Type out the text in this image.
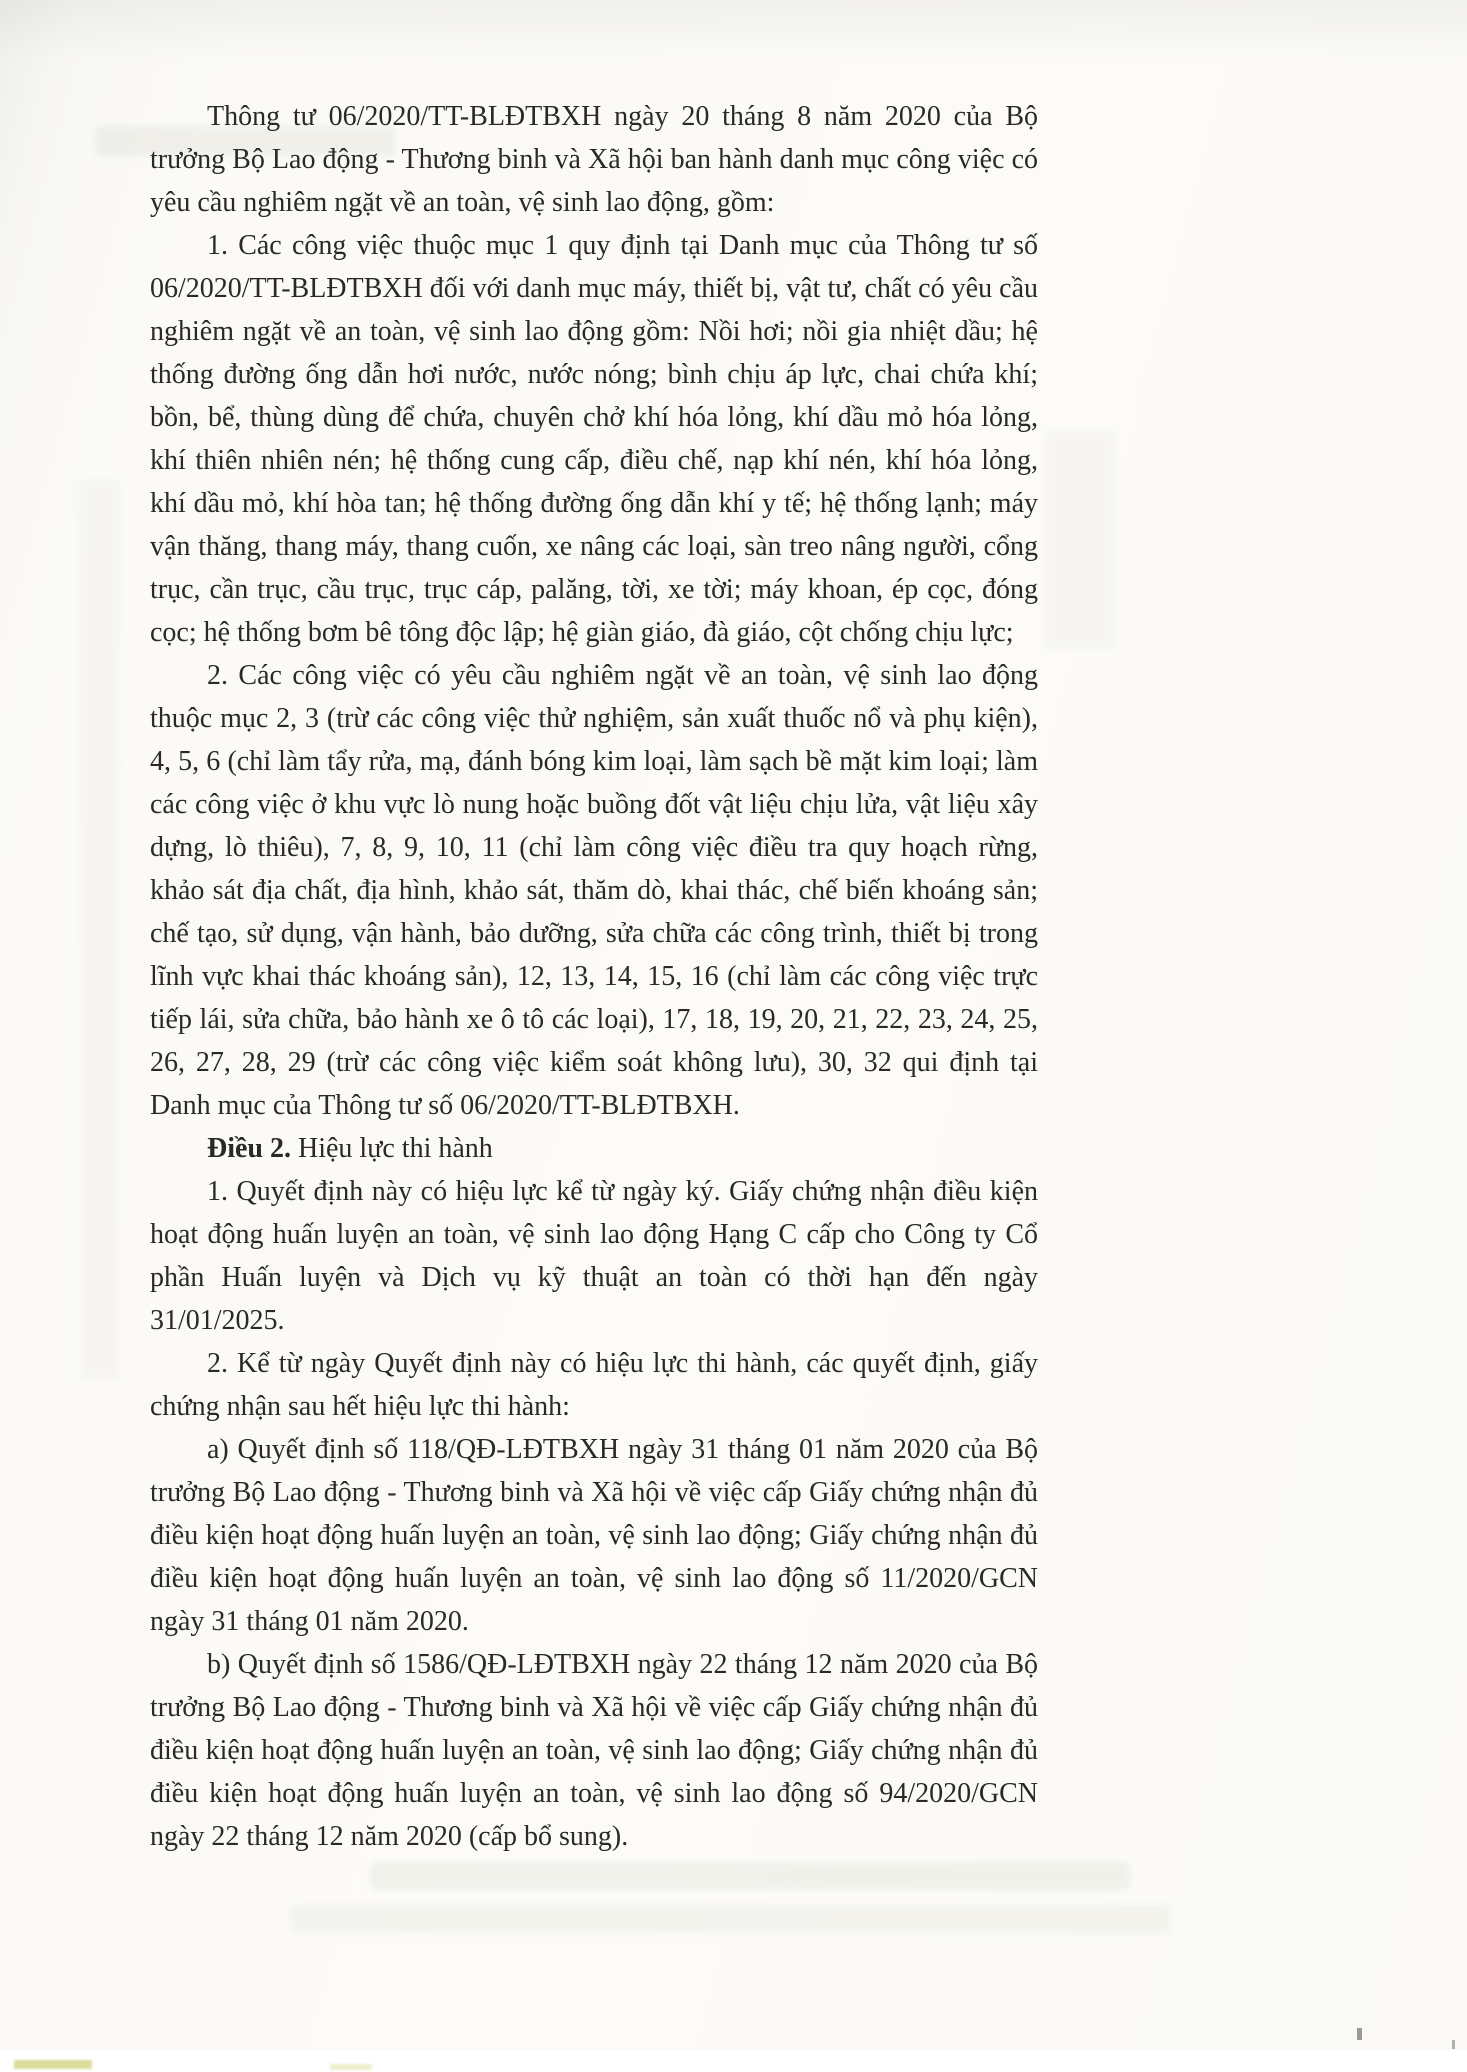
Thông tư 06/2020/TT-BLĐTBXH ngày 20 tháng 8 năm 2020 của Bộ trưởng Bộ Lao động - Thương binh và Xã hội ban hành danh mục công việc có yêu cầu nghiêm ngặt về an toàn, vệ sinh lao động, gồm:

1. Các công việc thuộc mục 1 quy định tại Danh mục của Thông tư số 06/2020/TT-BLĐTBXH đối với danh mục máy, thiết bị, vật tư, chất có yêu cầu nghiêm ngặt về an toàn, vệ sinh lao động gồm: Nồi hơi; nồi gia nhiệt dầu; hệ thống đường ống dẫn hơi nước, nước nóng; bình chịu áp lực, chai chứa khí; bồn, bể, thùng dùng để chứa, chuyên chở khí hóa lỏng, khí dầu mỏ hóa lỏng, khí thiên nhiên nén; hệ thống cung cấp, điều chế, nạp khí nén, khí hóa lỏng, khí dầu mỏ, khí hòa tan; hệ thống đường ống dẫn khí y tế; hệ thống lạnh; máy vận thăng, thang máy, thang cuốn, xe nâng các loại, sàn treo nâng người, cổng trục, cần trục, cầu trục, trục cáp, palăng, tời, xe tời; máy khoan, ép cọc, đóng cọc; hệ thống bơm bê tông độc lập; hệ giàn giáo, đà giáo, cột chống chịu lực;

2. Các công việc có yêu cầu nghiêm ngặt về an toàn, vệ sinh lao động thuộc mục 2, 3 (trừ các công việc thử nghiệm, sản xuất thuốc nổ và phụ kiện), 4, 5, 6 (chỉ làm tẩy rửa, mạ, đánh bóng kim loại, làm sạch bề mặt kim loại; làm các công việc ở khu vực lò nung hoặc buồng đốt vật liệu chịu lửa, vật liệu xây dựng, lò thiêu), 7, 8, 9, 10, 11 (chỉ làm công việc điều tra quy hoạch rừng, khảo sát địa chất, địa hình, khảo sát, thăm dò, khai thác, chế biến khoáng sản; chế tạo, sử dụng, vận hành, bảo dưỡng, sửa chữa các công trình, thiết bị trong lĩnh vực khai thác khoáng sản), 12, 13, 14, 15, 16 (chỉ làm các công việc trực tiếp lái, sửa chữa, bảo hành xe ô tô các loại), 17, 18, 19, 20, 21, 22, 23, 24, 25, 26, 27, 28, 29 (trừ các công việc kiểm soát không lưu), 30, 32 qui định tại Danh mục của Thông tư số 06/2020/TT-BLĐTBXH.

Điều 2. Hiệu lực thi hành

1. Quyết định này có hiệu lực kể từ ngày ký. Giấy chứng nhận điều kiện hoạt động huấn luyện an toàn, vệ sinh lao động Hạng C cấp cho Công ty Cổ phần Huấn luyện và Dịch vụ kỹ thuật an toàn có thời hạn đến ngày 31/01/2025.

2. Kể từ ngày Quyết định này có hiệu lực thi hành, các quyết định, giấy chứng nhận sau hết hiệu lực thi hành:

a) Quyết định số 118/QĐ-LĐTBXH ngày 31 tháng 01 năm 2020 của Bộ trưởng Bộ Lao động - Thương binh và Xã hội về việc cấp Giấy chứng nhận đủ điều kiện hoạt động huấn luyện an toàn, vệ sinh lao động; Giấy chứng nhận đủ điều kiện hoạt động huấn luyện an toàn, vệ sinh lao động số 11/2020/GCN ngày 31 tháng 01 năm 2020.

b) Quyết định số 1586/QĐ-LĐTBXH ngày 22 tháng 12 năm 2020 của Bộ trưởng Bộ Lao động - Thương binh và Xã hội về việc cấp Giấy chứng nhận đủ điều kiện hoạt động huấn luyện an toàn, vệ sinh lao động; Giấy chứng nhận đủ điều kiện hoạt động huấn luyện an toàn, vệ sinh lao động số 94/2020/GCN ngày 22 tháng 12 năm 2020 (cấp bổ sung).
